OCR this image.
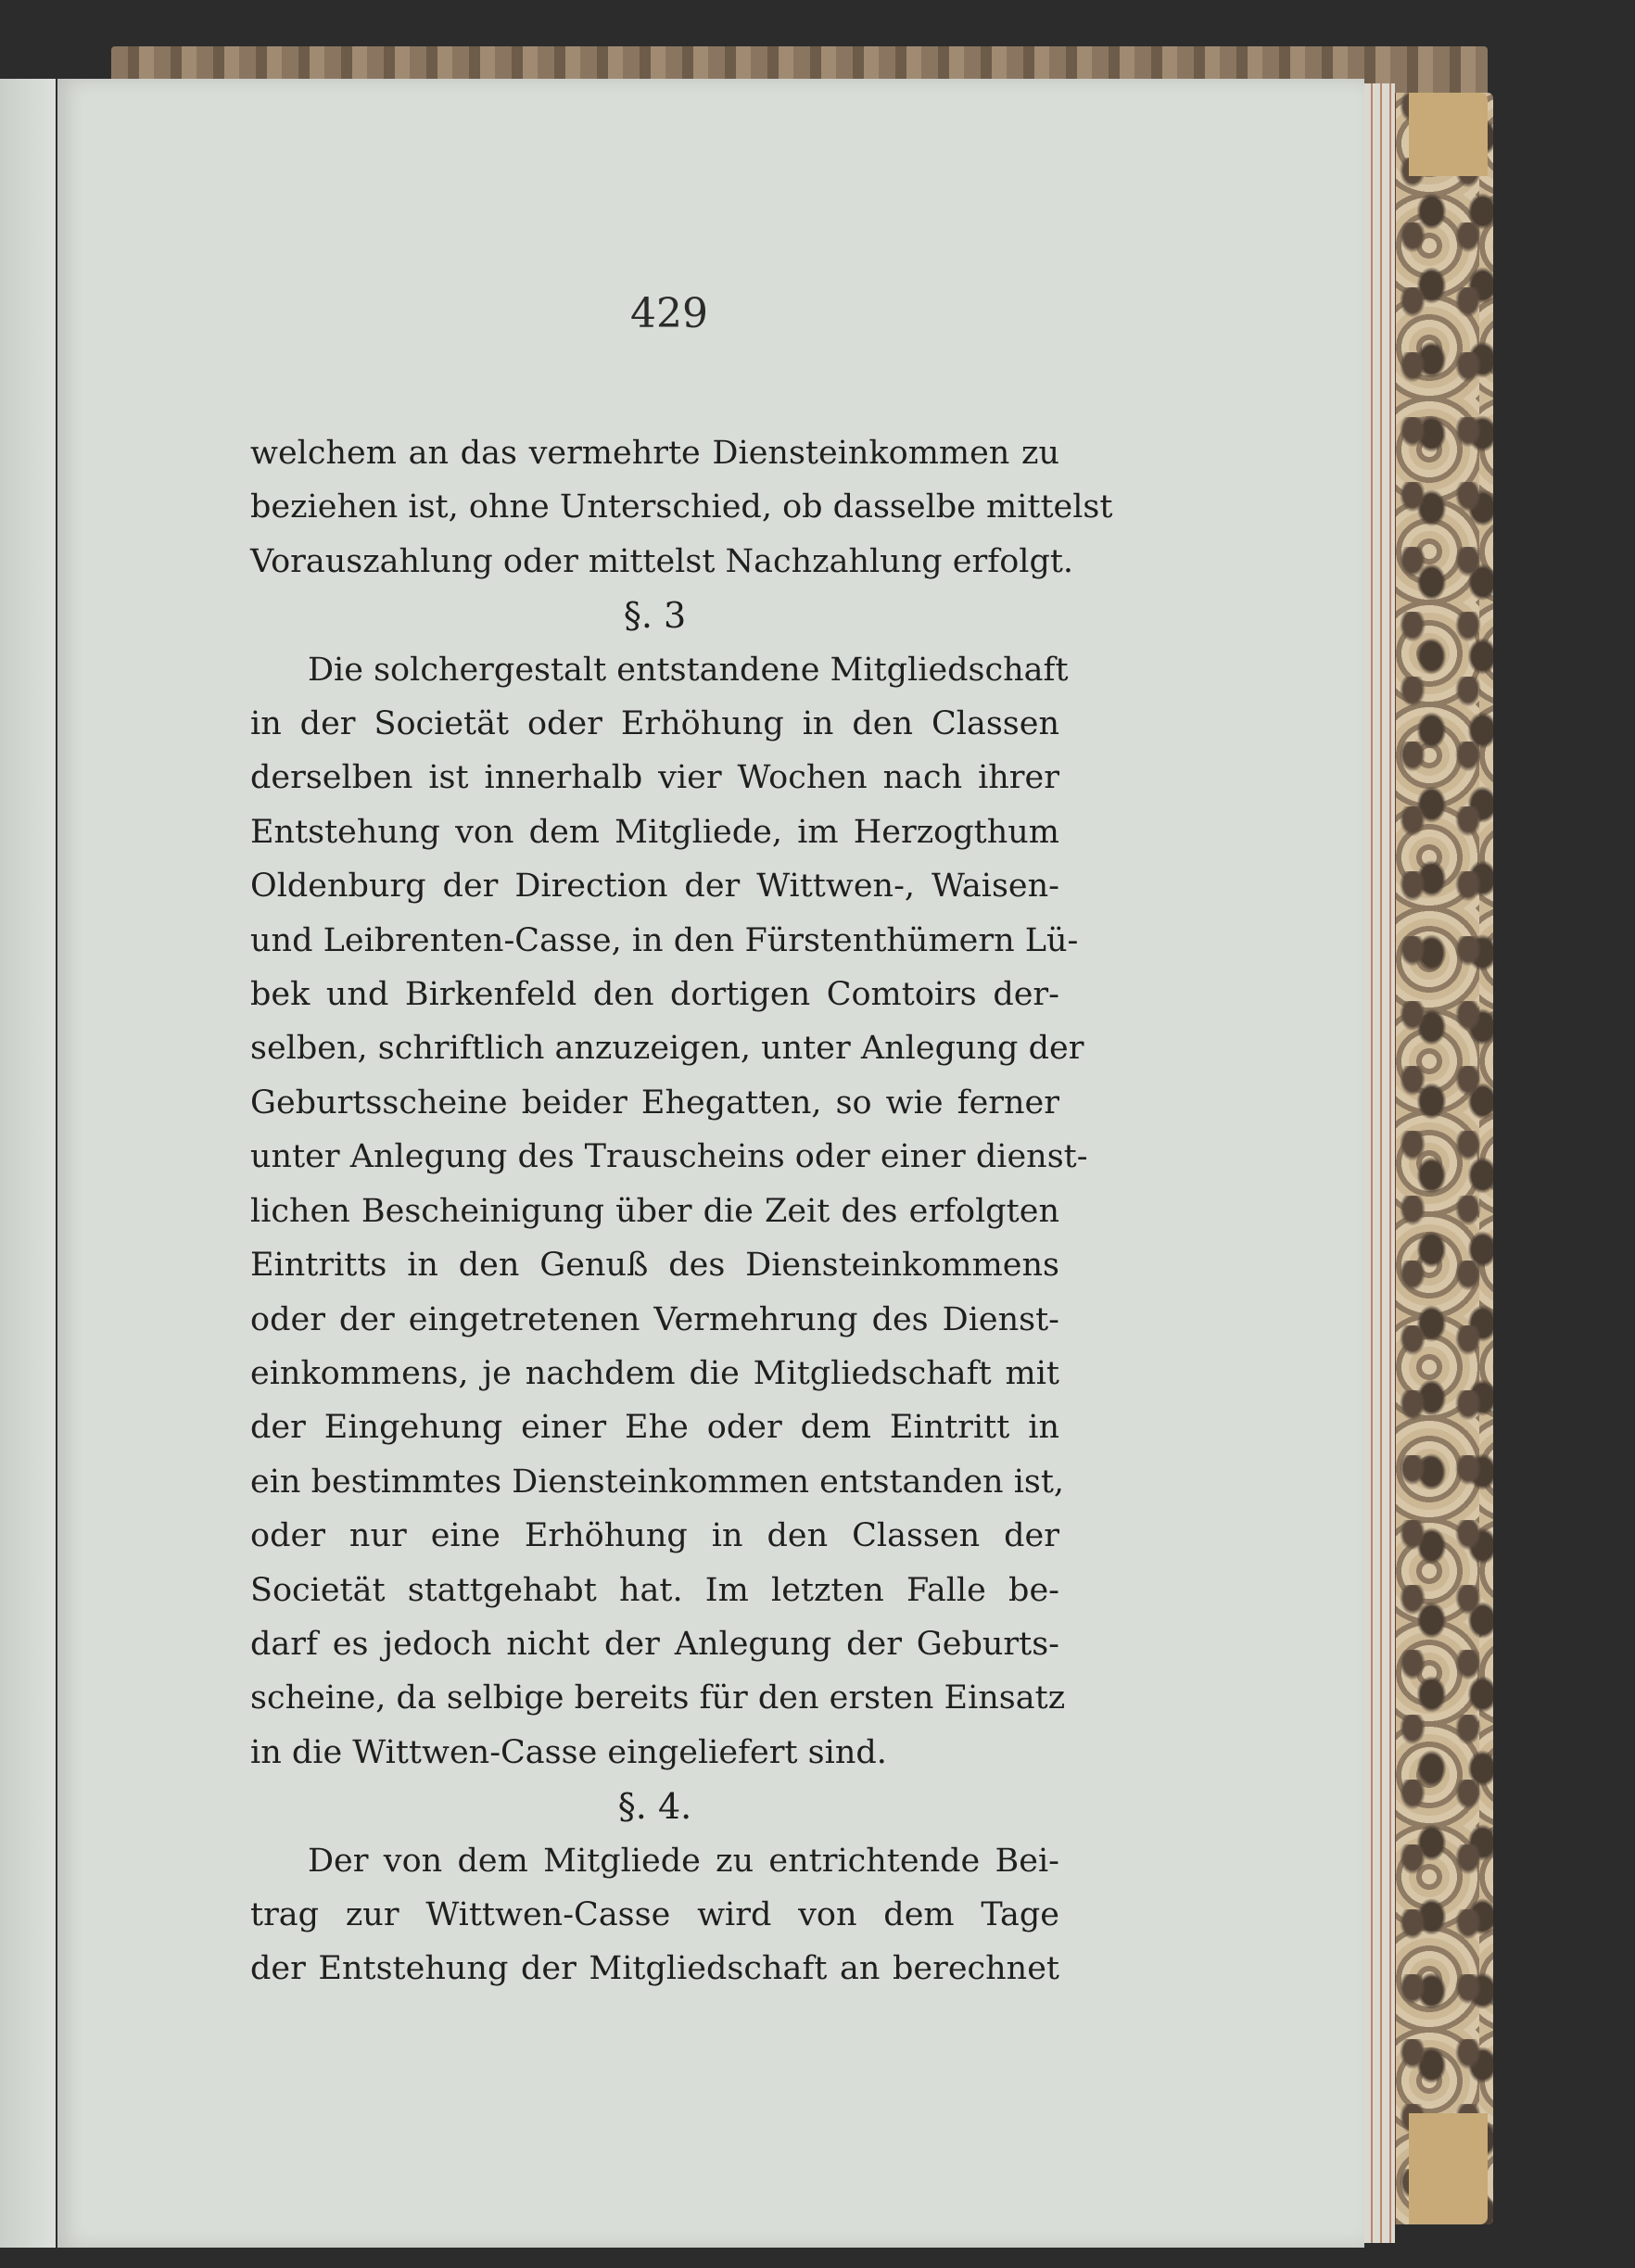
429
welchem an das vermehrte Diensteinkommen zu
beziehen ist, ohne Unterschied, ob dasselbe mittelst
Vorauszahlung oder mittelst Nachzahlung erfolgt.
§. 3
Die solchergestalt entstandene Mitgliedschaft
in der Societät oder Erhöhung in den Classen
derselben ist innerhalb vier Wochen nach ihrer
Entstehung von dem Mitgliede, im Herzogthum
Oldenburg der Direction der Wittwen-, Waisen-
und Leibrenten-Casse, in den Fürstenthümern Lü-
bek und Birkenfeld den dortigen Comtoirs der-
selben, schriftlich anzuzeigen, unter Anlegung der
Geburtsscheine beider Ehegatten, so wie ferner
unter Anlegung des Trauscheins oder einer dienst-
lichen Bescheinigung über die Zeit des erfolgten
Eintritts in den Genuß des Diensteinkommens
oder der eingetretenen Vermehrung des Dienst-
einkommens, je nachdem die Mitgliedschaft mit
der Eingehung einer Ehe oder dem Eintritt in
ein bestimmtes Diensteinkommen entstanden ist,
oder nur eine Erhöhung in den Classen der
Societät stattgehabt hat. Im letzten Falle be-
darf es jedoch nicht der Anlegung der Geburts-
scheine, da selbige bereits für den ersten Einsatz
in die Wittwen-Casse eingeliefert sind.
§. 4.
Der von dem Mitgliede zu entrichtende Bei-
trag zur Wittwen-Casse wird von dem Tage
der Entstehung der Mitgliedschaft an berechnet
